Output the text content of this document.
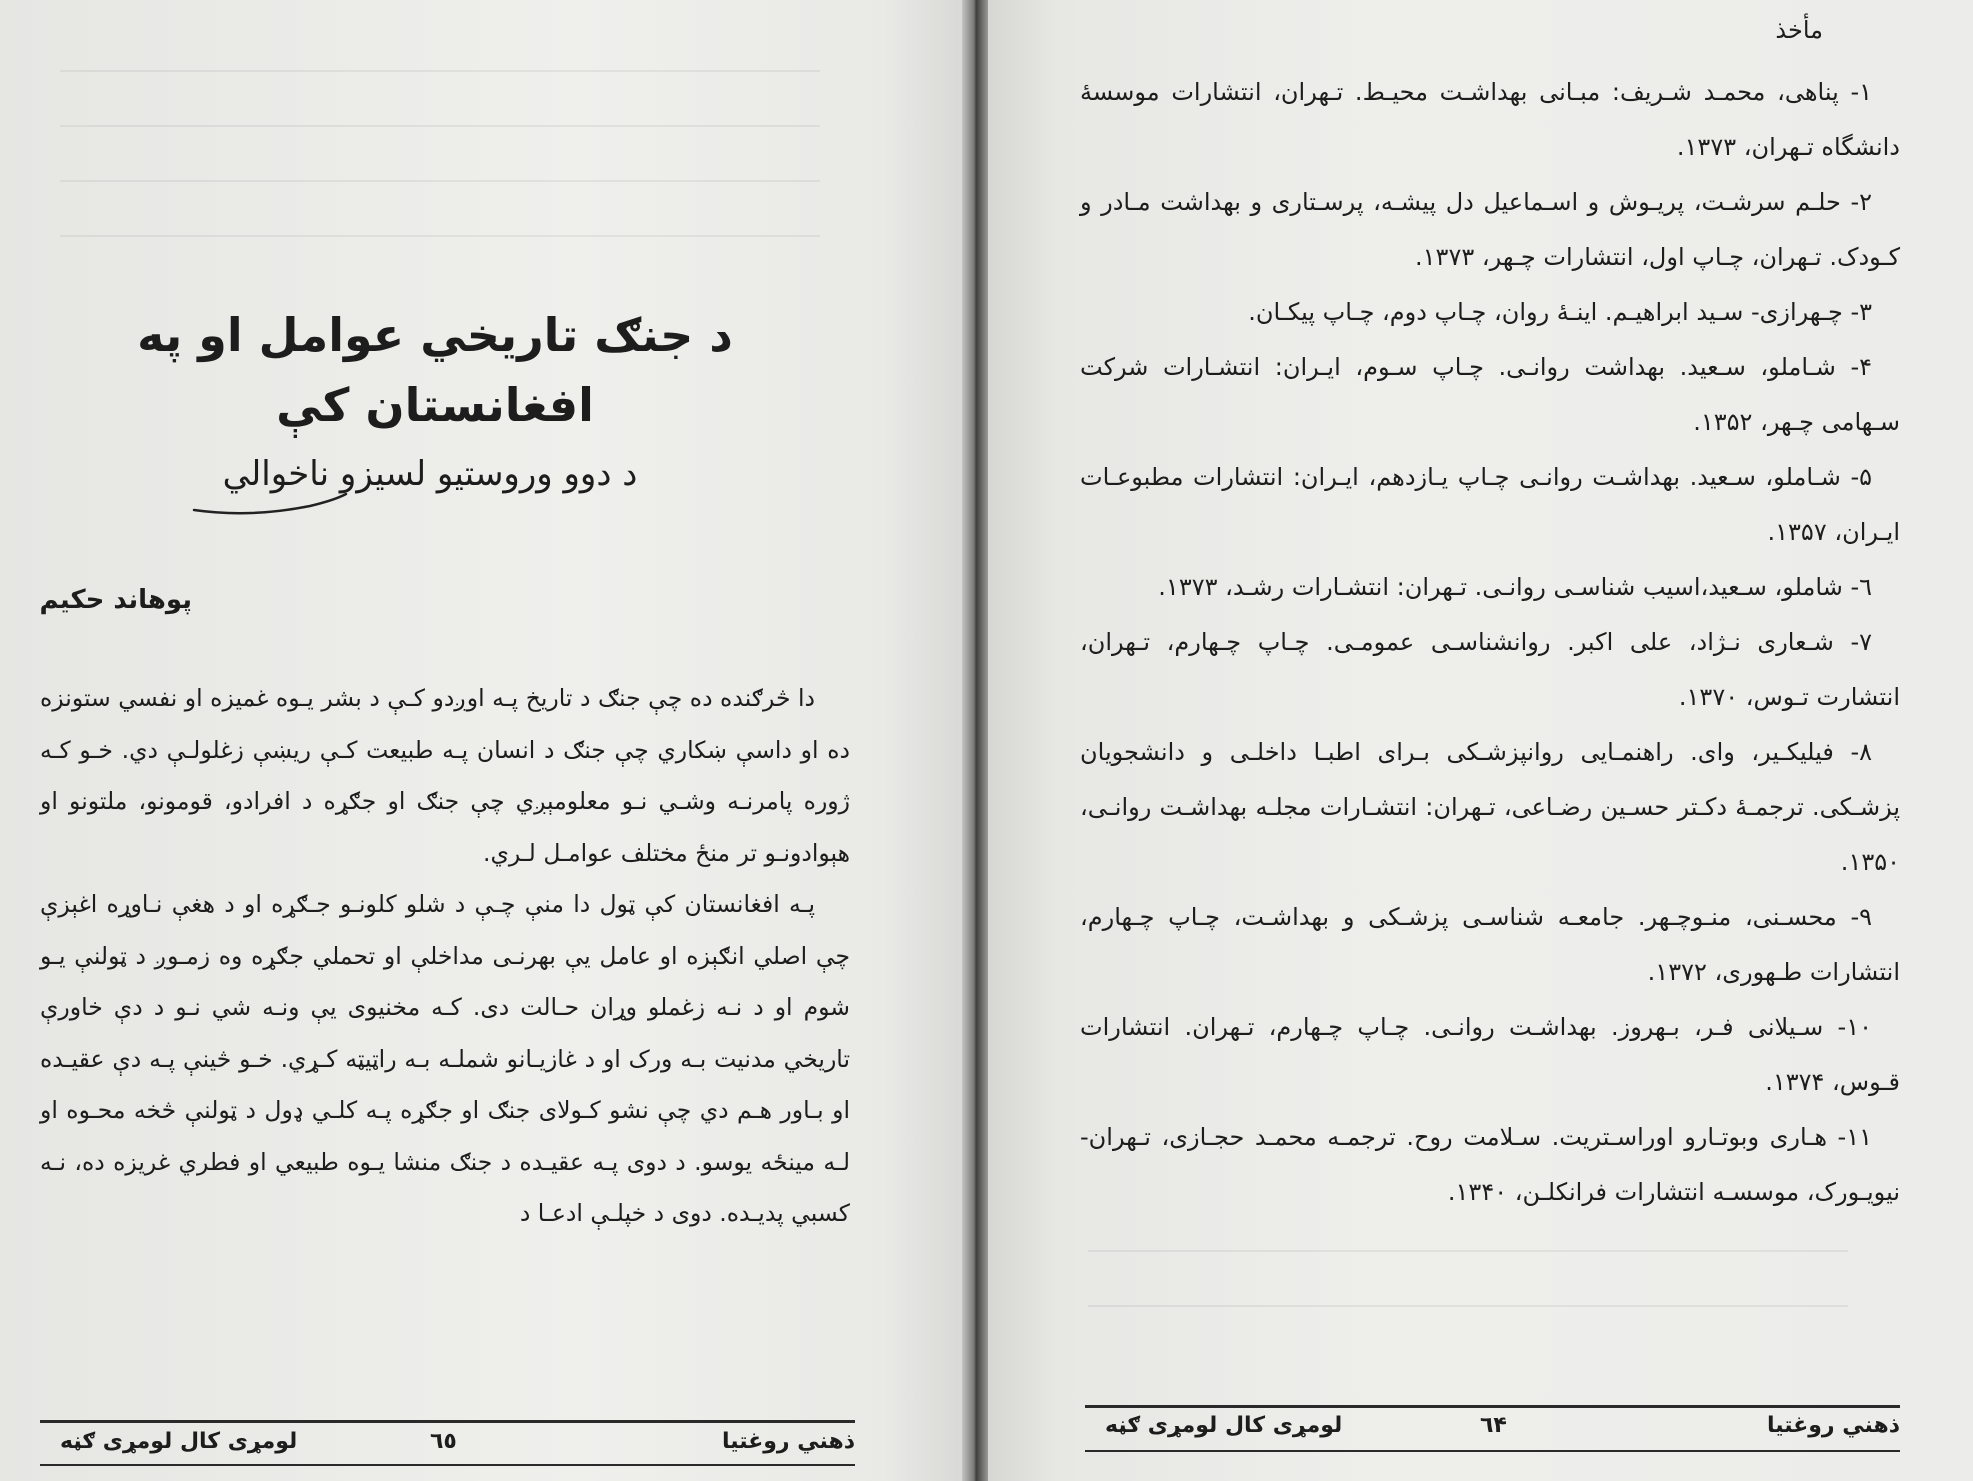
د جنګ تاريخي عوامل او په افغانستان کې
د دوو وروستيو لسيزو ناخوالي
پوهاند حکيم

دا څرګنده ده چې جنګ د تاريخ پـه اوږدو کـې د بشر يـوه غميزه او نفسي ستونزه ده او داسې ښکاري چې جنګ د انسان پـه طبيعت کـې ريښې زغلولـې دي. خـو کـه ژوره پامرنـه وشـي نـو معلومېږي چې جنګ او جګړه د افرادو، قومونو، ملتونو او هېوادونـو تر منځ مختلف عوامـل لـري.

پـه افغانستان کې ټول دا منې چـې د شلو کلونـو جـګړه او د هغې نـاوړه اغېزې چې اصلي انګېزه او عامل يې بهرنـی مداخلې او تحملي جګړه وه زمـوږ د ټولنې يـو شوم او د نـه زغملو وړان حـالت دی. کـه مخنيوی يې ونـه شي نـو د دې خاورې تاريخي مدنيت بـه ورک او د غازيـانو شملـه بـه راټيټه کـړي. خـو څينې پـه دې عقيـده او بـاور هـم دي چې نشو کـولای جنګ او جګړه پـه کلـي ډول د ټولنې څخه محـوه او لـه مينځه يوسو. د دوی پـه عقيـده د جنګ منشا يـوه طبيعي او فطري غريزه ده، نـه کسبي پديـده. دوی د خپلـې ادعـا د

ذهني روغتيا
٦٥
لومړی کال لومړی ګڼه
مأخذ

۱- پناهی، محمـد شـريف: مبـانی بهداشـت محيـط. تـهران، انتشارات موسسهٔ دانشگاه تـهران، ۱۳۷۳.

۲- حلـم سرشـت، پريـوش و اسـماعيل دل پيشـه، پرسـتاری و بهداشت مـادر و کـودک. تـهران، چـاپ اول، انتشارات چـهر، ۱۳۷۳.

۳- چـهرازی- سـيد ابراهيـم. اينـهٔ روان، چـاپ دوم، چـاپ پيکـان.

۴- شـاملو، سـعيد. بهداشت روانـی. چـاپ سـوم، ايـران: انتشـارات شرکت سـهامی چـهر، ۱۳۵۲.

۵- شـاملو، سـعيد. بهداشـت روانـی چـاپ يـازدهم، ايـران: انتشارات مطبوعـات ايـران، ۱۳۵۷.

٦- شاملو، سـعيد،اسيب شناسـی روانـی. تـهران: انتشـارات رشـد، ۱۳۷۳.

۷- شـعاری نـژاد، علی اکبر. روانشناسـی عمومـی. چـاپ چـهارم، تـهران، انتشارت تـوس، ۱۳۷۰.

۸- فيليکـير، وای. راهنمـايی روانپزشـکی بـرای اطبـا داخلـی و دانشجويان پزشـکی. ترجمـهٔ دکـتر حسـين رضـاعی، تـهران: انتشـارات مجلـه بهداشـت روانـی، ۱۳۵۰.

۹- محسـنی، منـوچـهر. جامعـه شناسـی پزشـکی و بهداشـت، چـاپ چـهارم، انتشارات طـهوری، ۱۳۷۲.

۱۰- سـيلانی فـر، بـهروز. بهداشـت روانـی. چـاپ چـهارم، تـهران. انتشارات قـوس، ۱۳۷۴.

۱۱- هـاری وبوتـارو اوراسـتريت. سـلامت روح. ترجمـه محمـد حجـازی، تـهران- نيويـورک، موسسـه انتشارات فرانکلـن، ۱۳۴۰.

ذهني روغتيا
٦۴
لومړی کال لومړی ګڼه
